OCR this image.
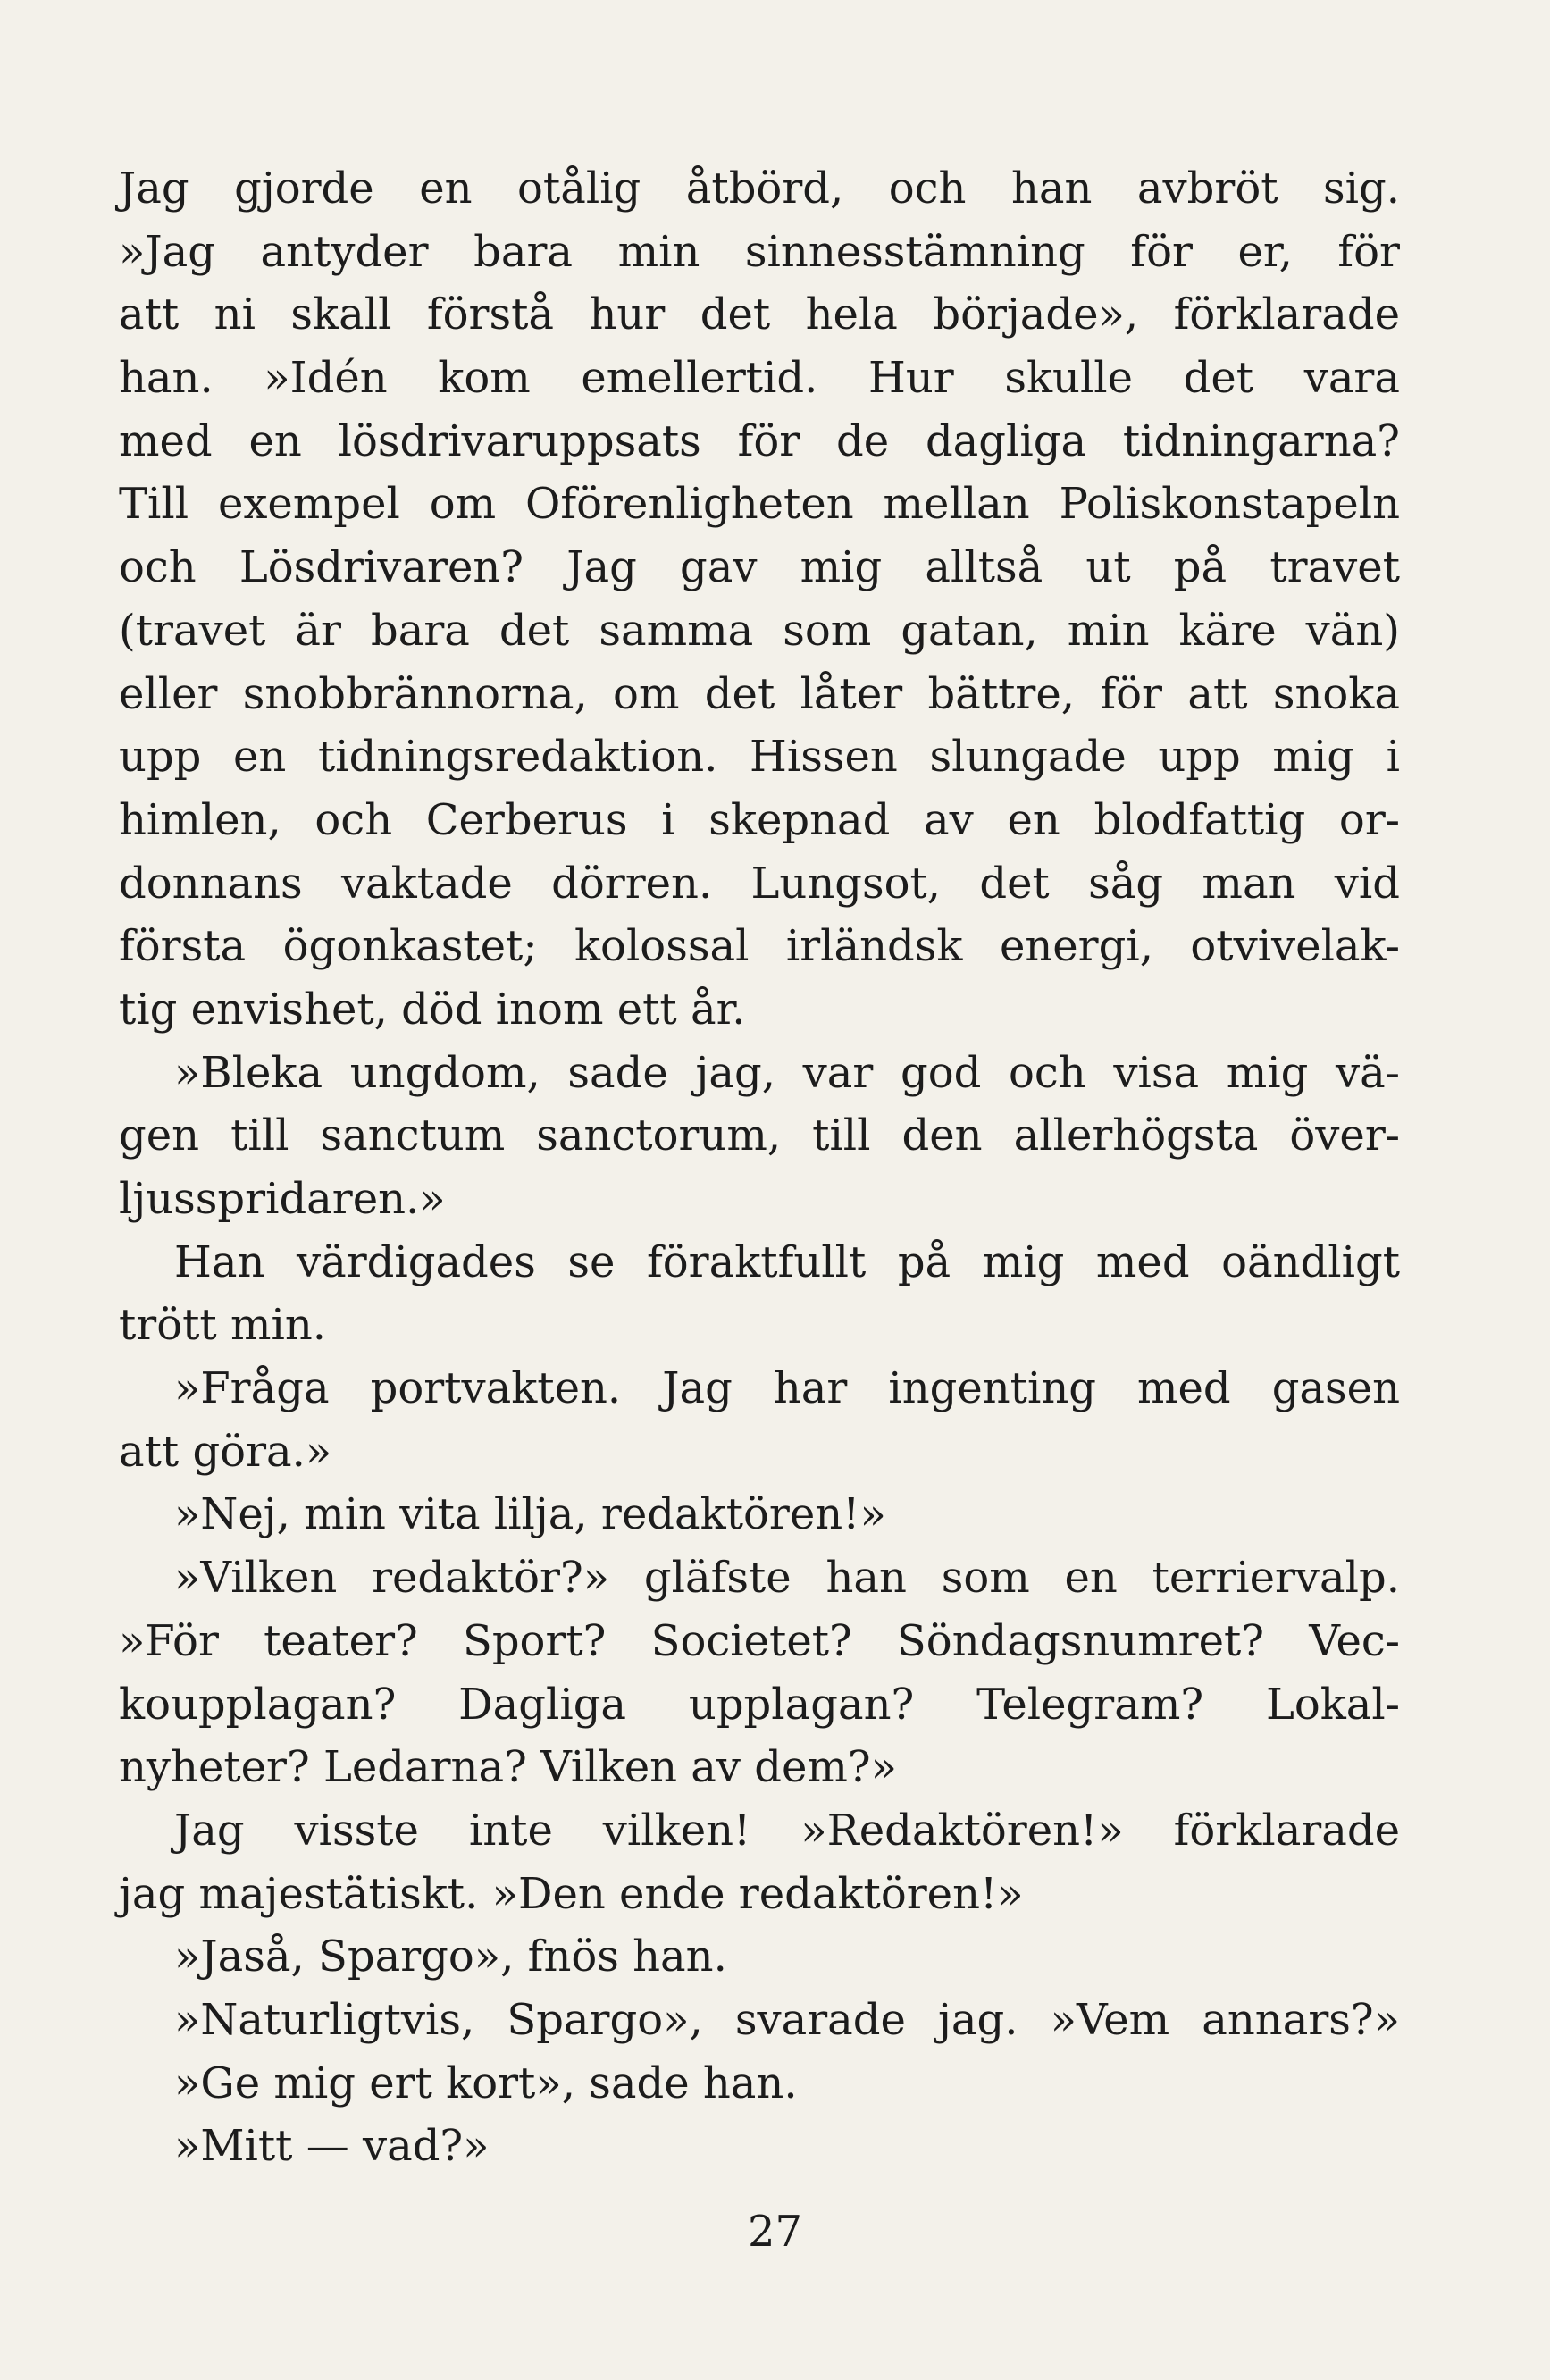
Jag gjorde en otålig åtbörd, och han avbröt sig.
»Jag antyder bara min sinnesstämning för er, för
att ni skall förstå hur det hela började», förklarade
han. »Idén kom emellertid. Hur skulle det vara
med en lösdrivaruppsats för de dagliga tidningarna?
Till exempel om Oförenligheten mellan Poliskonstapeln
och Lösdrivaren? Jag gav mig alltså ut på travet
(travet är bara det samma som gatan, min käre vän)
eller snobbrännorna, om det låter bättre, för att snoka
upp en tidningsredaktion. Hissen slungade upp mig i
himlen, och Cerberus i skepnad av en blodfattig or-
donnans vaktade dörren. Lungsot, det såg man vid
första ögonkastet; kolossal irländsk energi, otvivelak-
tig envishet, död inom ett år.
»Bleka ungdom, sade jag, var god och visa mig vä-
gen till sanctum sanctorum, till den allerhögsta över-
ljusspridaren.»
Han värdigades se föraktfullt på mig med oändligt
trött min.
»Fråga portvakten. Jag har ingenting med gasen
att göra.»
»Nej, min vita lilja, redaktören!»
»Vilken redaktör?» gläfste han som en terriervalp.
»För teater? Sport? Societet? Söndagsnumret? Vec-
koupplagan? Dagliga upplagan? Telegram? Lokal-
nyheter? Ledarna? Vilken av dem?»
Jag visste inte vilken! »Redaktören!» förklarade
jag majestätiskt. »Den ende redaktören!»
»Jaså, Spargo», fnös han.
»Naturligtvis, Spargo», svarade jag. »Vem annars?»
»Ge mig ert kort», sade han.
»Mitt — vad?»
27
